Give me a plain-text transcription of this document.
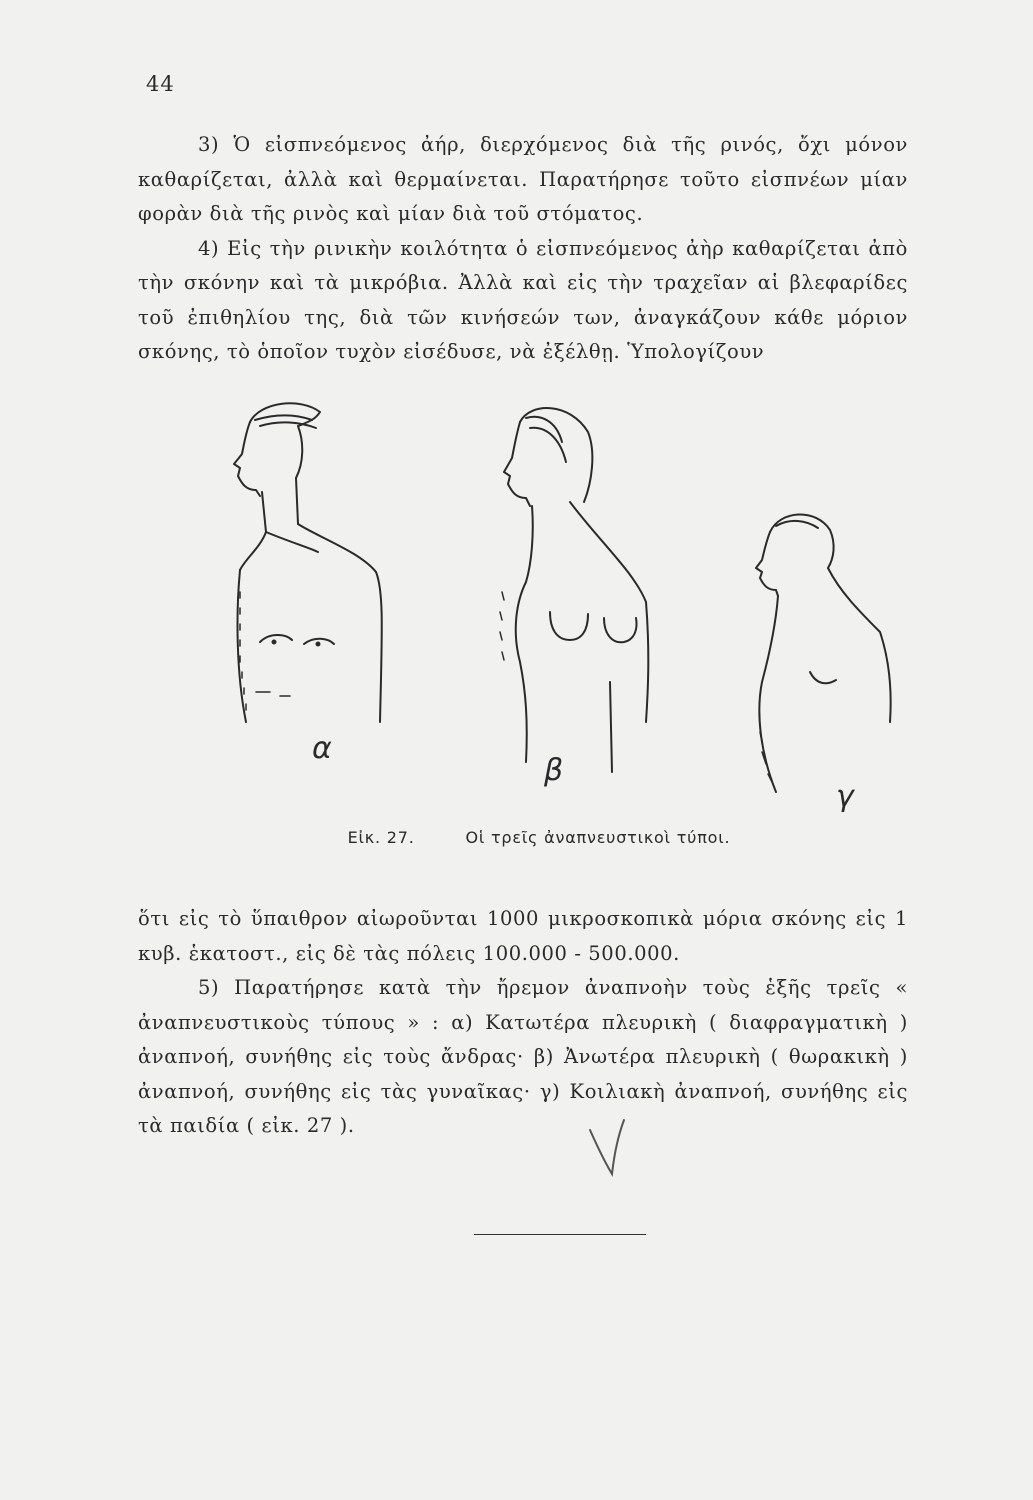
44

3) Ὁ εἰσπνεόμενος ἀήρ, διερχόμενος διὰ τῆς ρινός, ὄχι μόνον καθαρίζεται, ἀλλὰ καὶ θερμαίνεται. Παρατήρησε τοῦτο εἰσπνέων μίαν φορὰν διὰ τῆς ρινὸς καὶ μίαν διὰ τοῦ στόματος.

4) Εἰς τὴν ρινικὴν κοιλότητα ὁ εἰσπνεόμενος ἀὴρ καθαρίζεται ἀπὸ τὴν σκόνην καὶ τὰ μικρόβια. Ἀλλὰ καὶ εἰς τὴν τραχεῖαν αἱ βλεφαρίδες τοῦ ἐπιθηλίου της, διὰ τῶν κινήσεών των, ἀναγκάζουν κάθε μόριον σκόνης, τὸ ὁποῖον τυχὸν εἰσέδυσε, νὰ ἐξέλθῃ. Ὑπολογίζουν

α
β
γ
Εἰκ. 27.	Οἱ τρεῖς ἀναπνευστικοὶ τύποι.

ὅτι εἰς τὸ ὕπαιθρον αἰωροῦνται 1000 μικροσκοπικὰ μόρια σκόνης εἰς 1 κυβ. ἑκατοστ., εἰς δὲ τὰς πόλεις 100.000 - 500.000.

5) Παρατήρησε κατὰ τὴν ἤρεμον ἀναπνοὴν τοὺς ἑξῆς τρεῖς « ἀναπνευστικοὺς τύπους » : α) Κατωτέρα πλευρικὴ ( διαφραγματικὴ ) ἀναπνοή, συνήθης εἰς τοὺς ἄνδρας· β) Ἀνωτέρα πλευρικὴ ( θωρακικὴ ) ἀναπνοή, συνήθης εἰς τὰς γυναῖκας· γ) Κοιλιακὴ ἀναπνοή, συνήθης εἰς τὰ παιδία ( εἰκ. 27 ).
